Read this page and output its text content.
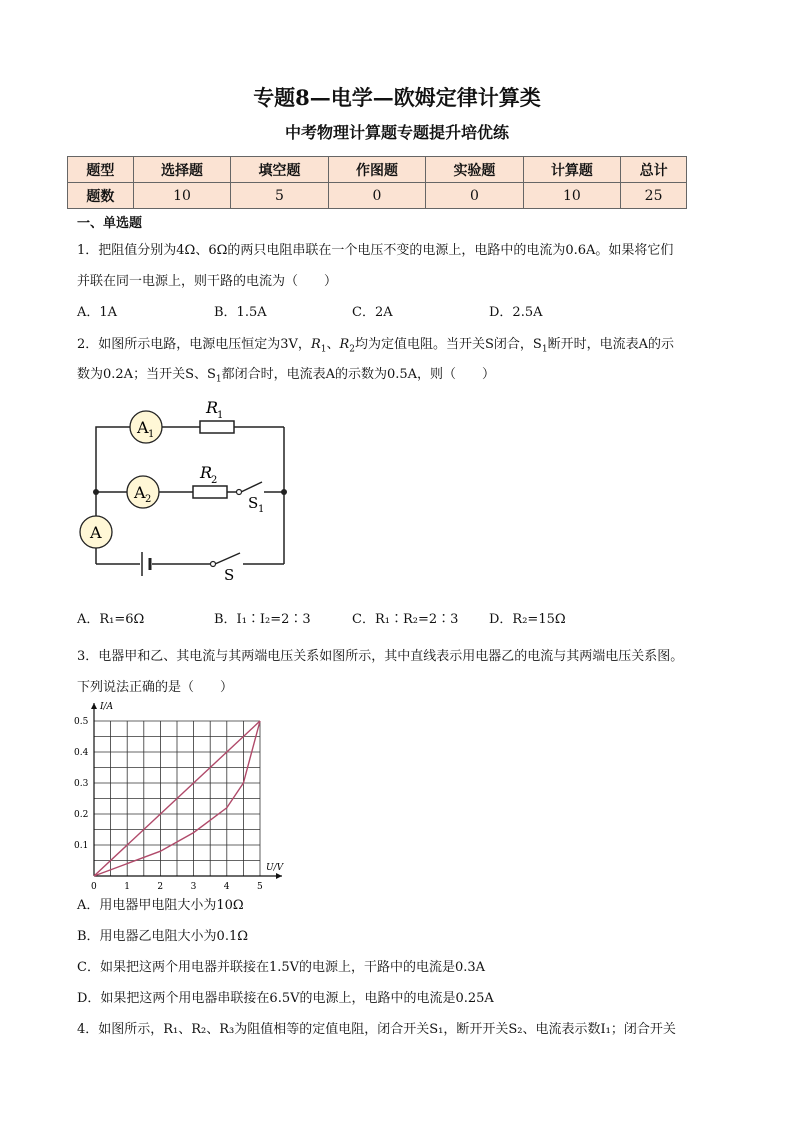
专题8—电学—欧姆定律计算类
中考物理计算题专题提升培优练
题型	选择题	填空题	作图题	实验题	计算题	总计
题数	10	5	0	0	10	25
一、单选题
1．把阻值分别为4Ω、6Ω的两只电阻串联在一个电压不变的电源上，电路中的电流为0.6A。如果将它们
并联在同一电源上，则干路的电流为（　　）
A．1A	B．1.5A	C．2A	D．2.5A
2．如图所示电路，电源电压恒定为3V，$R_1$、$R_2$均为定值电阻。当开关S闭合，$S_1$断开时，电流表A的示
数为0.2A；当开关S、$S_1$都闭合时，电流表A的示数为0.5A，则（　　）
A 1
A 2
A
R
1
R
2
S 1
S
A．R₁=6Ω	B．I₁∶I₂=2∶3	C．R₁∶R₂=2∶3 D．R₂=15Ω
3．电器甲和乙、其电流与其两端电压关系如图所示，其中直线表示用电器乙的电流与其两端电压关系图。
下列说法正确的是（　　）
0	1	2	3	4	5
0.1
0.2
0.3
0.4
0.5
I/A
U/V
A．用电器甲电阻大小为10Ω
B．用电器乙电阻大小为0.1Ω
C．如果把这两个用电器并联接在1.5V的电源上，干路中的电流是0.3A
D．如果把这两个用电器串联接在6.5V的电源上，电路中的电流是0.25A
4．如图所示，R₁、R₂、R₃为阻值相等的定值电阻，闭合开关S₁，断开开关S₂、电流表示数I₁；闭合开关
